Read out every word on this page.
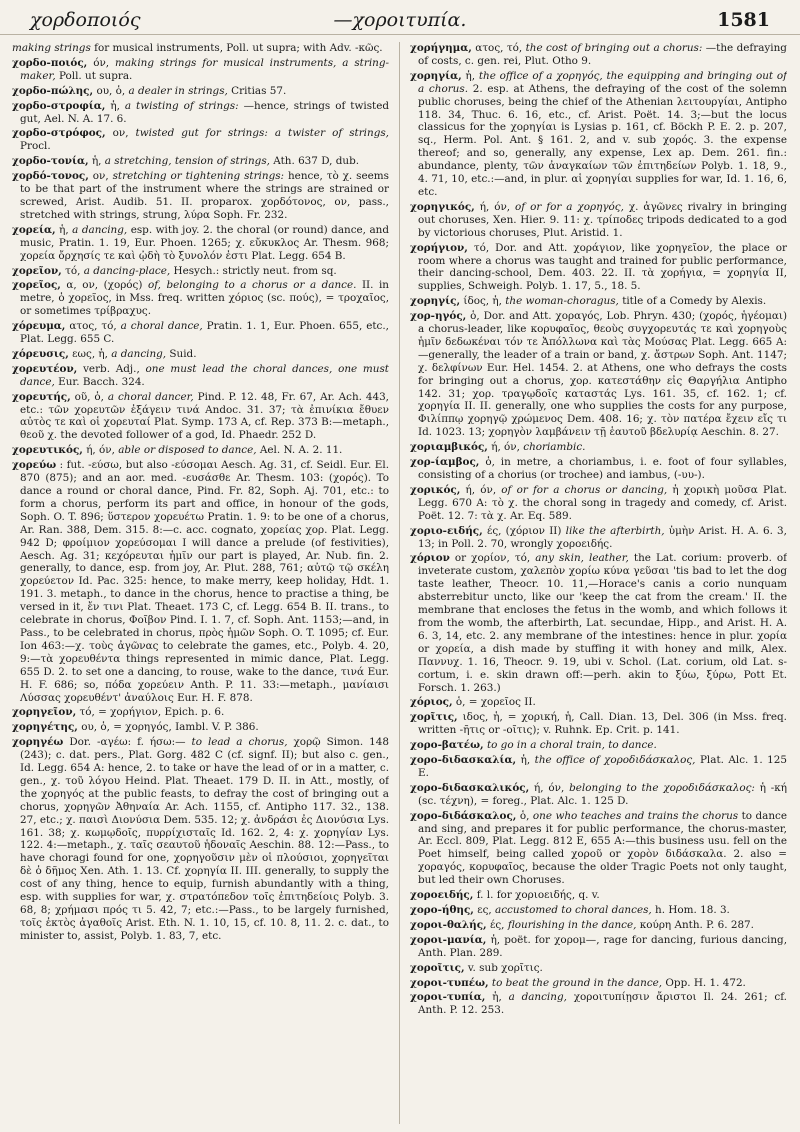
χορδοποιός	—χοροιτυπία.	1581

making strings for musical instruments, Poll. ut supra; with Adv. -κῶς.

χορδο-ποιός, όν, making strings for musical instruments, a string-maker, Poll. ut supra.

χορδο-πώλης, ου, ὁ, a dealer in strings, Critias 57.

χορδο-στροφία, ἡ, a twisting of strings: —hence, strings of twisted gut, Ael. N. A. 17. 6.

χορδο-στρόφος, ον, twisted gut for strings: a twister of strings, Procl.

χορδο-τονία, ἡ, a stretching, tension of strings, Ath. 637 D, dub.

χορδό-τονος, ον, stretching or tightening strings: hence, τὸ χ. seems to be that part of the instrument where the strings are strained or screwed, Arist. Audib. 51. II. proparox. χορδότονος, ον, pass., stretched with strings, strung, λύρα Soph. Fr. 232.

χορεία, ἡ, a dancing, esp. with joy. 2. the choral (or round) dance, and music, Pratin. 1. 19, Eur. Phoen. 1265; χ. εὔκυκλος Ar. Thesm. 968; χορεία ὄρχησίς τε καὶ ᾠδὴ τὸ ξυνολόν ἐστι Plat. Legg. 654 B.

χορεῖον, τό, a dancing-place, Hesych.: strictly neut. from sq.

χορεῖος, α, ον, (χορός) of, belonging to a chorus or a dance. II. in metre, ὁ χορεῖος, in Mss. freq. written χόριος (sc. πούς), = τροχαῖος, or sometimes τρίβραχυς.

χόρευμα, ατος, τό, a choral dance, Pratin. 1. 1, Eur. Phoen. 655, etc., Plat. Legg. 655 C.

χόρευσις, εως, ἡ, a dancing, Suid.

χορευτέον, verb. Adj., one must lead the choral dances, one must dance, Eur. Bacch. 324.

χορευτής, οῦ, ὁ, a choral dancer, Pind. P. 12. 48, Fr. 67, Ar. Ach. 443, etc.: τῶν χορευτῶν ἐξάγειν τινά Andoc. 31. 37; τὰ ἐπινίκια ἔθυεν αὐτὸς τε καὶ οἱ χορευταί Plat. Symp. 173 A, cf. Rep. 373 B:—metaph., θεοῦ χ. the devoted follower of a god, Id. Phaedr. 252 D.

χορευτικός, ή, όν, able or disposed to dance, Ael. N. A. 2. 11.

χορεύω : fut. -εύσω, but also -εύσομαι Aesch. Ag. 31, cf. Seidl. Eur. El. 870 (875); and an aor. med. -ευσάσθε Ar. Thesm. 103: (χορός). To dance a round or choral dance, Pind. Fr. 82, Soph. Aj. 701, etc.: to form a chorus, perform its part and office, in honour of the gods, Soph. O. T. 896; ὕστερον χορευέτω Pratin. 1. 9: to be one of a chorus, Ar. Ran. 388, Dem. 315. 8:—c. acc. cognato, χορείας χορ. Plat. Legg. 942 D; φροίμιον χορεύσομαι I will dance a prelude (of festivities), Aesch. Ag. 31; κεχόρευται ἡμῖν our part is played, Ar. Nub. fin. 2. generally, to dance, esp. from joy, Ar. Plut. 288, 761; αὐτῷ τῷ σκέλη χορεύετον Id. Pac. 325: hence, to make merry, keep holiday, Hdt. 1. 191. 3. metaph., to dance in the chorus, hence to practise a thing, be versed in it, ἔν τινι Plat. Theaet. 173 C, cf. Legg. 654 B. II. trans., to celebrate in chorus, Φοῖβον Pind. I. 1. 7, cf. Soph. Ant. 1153;—and, in Pass., to be celebrated in chorus, πρὸς ἡμῶν Soph. O. T. 1095; cf. Eur. Ion 463:—χ. τοὺς ἀγῶνας to celebrate the games, etc., Polyb. 4. 20, 9:—τὰ χορευθέντα things represented in mimic dance, Plat. Legg. 655 D. 2. to set one a dancing, to rouse, wake to the dance, τινά Eur. H. F. 686; so, πόδα χορεύειν Anth. P. 11. 33:—metaph., μανίαισι Λύσσας χορευθέντ' ἀναύλοις Eur. H. F. 878.

χορηγεῖον, τό, = χορήγιον, Epich. p. 6.

χορηγέτης, ου, ὁ, = χορηγός, Iambl. V. P. 386.

χορηγέω Dor. -αγέω: f. ήσω:— to lead a chorus, χορῷ Simon. 148 (243); c. dat. pers., Plat. Gorg. 482 C (cf. signf. II); but also c. gen., Id. Legg. 654 A: hence, 2. to take or have the lead of or in a matter, c. gen., χ. τοῦ λόγου Heind. Plat. Theaet. 179 D. II. in Att., mostly, of the χορηγός at the public feasts, to defray the cost of bringing out a chorus, χορηγῶν Ἀθηναία Ar. Ach. 1155, cf. Antipho 117. 32., 138. 27, etc.; χ. παισὶ Διονύσια Dem. 535. 12; χ. ἀνδράσι ἐς Διονύσια Lys. 161. 38; χ. κωμῳδοῖς, πυρρίχισταῖς Id. 162. 2, 4: χ. χορηγίαν Lys. 122. 4:—metaph., χ. ταῖς σεαυτοῦ ἡδοναῖς Aeschin. 88. 12:—Pass., to have choragi found for one, χορηγοῦσιν μὲν οἱ πλούσιοι, χορηγεῖται δὲ ὁ δῆμος Xen. Ath. 1. 13. Cf. χορηγία II. III. generally, to supply the cost of any thing, hence to equip, furnish abundantly with a thing, esp. with supplies for war, χ. στρατόπεδον τοῖς ἐπιτηδείοις Polyb. 3. 68, 8; χρήμασι πρός τι 5. 42, 7; etc.:—Pass., to be largely furnished, τοῖς ἐκτὸς ἀγαθοῖς Arist. Eth. N. 1. 10, 15, cf. 10. 8, 11. 2. c. dat., to minister to, assist, Polyb. 1. 83, 7, etc.

χορήγημα, ατος, τό, the cost of bringing out a chorus: —the defraying of costs, c. gen. rei, Plut. Otho 9.

χορηγία, ἡ, the office of a χορηγός, the equipping and bringing out of a chorus. 2. esp. at Athens, the defraying of the cost of the solemn public choruses, being the chief of the Athenian λειτουργίαι, Antipho 118. 34, Thuc. 6. 16, etc., cf. Arist. Poët. 14. 3;—but the locus classicus for the χορηγίαι is Lysias p. 161, cf. Böckh P. E. 2. p. 207, sq., Herm. Pol. Ant. § 161. 2, and v. sub χορός. 3. the expense thereof; and so, generally, any expense, Lex ap. Dem. 261. fin.: abundance, plenty, τῶν ἀναγκαίων τῶν ἐπιτηδείων Polyb. 1. 18, 9., 4. 71, 10, etc.:—and, in plur. αἱ χορηγίαι supplies for war, Id. 1. 16, 6, etc.

χορηγικός, ή, όν, of or for a χορηγός, χ. ἀγῶνες rivalry in bringing out choruses, Xen. Hier. 9. 11: χ. τρίποδες tripods dedicated to a god by victorious choruses, Plut. Aristid. 1.

χορήγιον, τό, Dor. and Att. χοράγιον, like χορηγεῖον, the place or room where a chorus was taught and trained for public performance, their dancing-school, Dem. 403. 22. II. τὰ χορήγια, = χορηγία II, supplies, Schweigh. Polyb. 1. 17, 5., 18. 5.

χορηγίς, ίδος, ἡ, the woman-choragus, title of a Comedy by Alexis.

χορ-ηγός, ὁ, Dor. and Att. χοραγός, Lob. Phryn. 430; (χορός, ἡγέομαι) a chorus-leader, like κορυφαῖος, θεοὺς συγχορευτάς τε καὶ χορηγοὺς ἡμῖν δεδωκέναι τόν τε Ἀπόλλωνα καὶ τὰς Μούσας Plat. Legg. 665 A:—generally, the leader of a train or band, χ. ἄστρων Soph. Ant. 1147; χ. δελφίνων Eur. Hel. 1454. 2. at Athens, one who defrays the costs for bringing out a chorus, χορ. κατεστάθην εἰς Θαργήλια Antipho 142. 31; χορ. τραγῳδοῖς καταστάς Lys. 161. 35, cf. 162. 1; cf. χορηγία II. II. generally, one who supplies the costs for any purpose, Φιλίππῳ χορηγῷ χρώμενος Dem. 408. 16; χ. τὸν πατέρα ἔχειν εἴς τι Id. 1023. 13; χορηγὸν λαμβάνειν τῇ ἑαυτοῦ βδελυρίᾳ Aeschin. 8. 27.

χοριαμβικός, ή, όν, choriambic.

χορ-ίαμβος, ὁ, in metre, a choriambus, i. e. foot of four syllables, consisting of a chorius (or trochee) and iambus, (-υυ-).

χορικός, ή, όν, of or for a chorus or dancing, ἡ χορικὴ μοῦσα Plat. Legg. 670 A: τὸ χ. the choral song in tragedy and comedy, cf. Arist. Poët. 12. 7: τὰ χ. Ar. Eq. 589.

χοριο-ειδής, ές, (χόριον II) like the afterbirth, ὑμὴν Arist. H. A. 6. 3, 13; in Poll. 2. 70, wrongly χοροειδής.

χόριον or χορίον, τό, any skin, leather, the Lat. corium: proverb. of inveterate custom, χαλεπὸν χορίω κύνα γεῦσαι 'tis bad to let the dog taste leather, Theocr. 10. 11,—Horace's canis a corio nunquam absterrebitur uncto, like our 'keep the cat from the cream.' II. the membrane that encloses the fetus in the womb, and which follows it from the womb, the afterbirth, Lat. secundae, Hipp., and Arist. H. A. 6. 3, 14, etc. 2. any membrane of the intestines: hence in plur. χορία or χορεία, a dish made by stuffing it with honey and milk, Alex. Παννυχ. 1. 16, Theocr. 9. 19, ubi v. Schol. (Lat. corium, old Lat. s-cortum, i. e. skin drawn off:—perh. akin to ξύω, ξύρω, Pott Et. Forsch. 1. 263.)

χόριος, ὁ, = χορεῖος II.

χορῖτις, ιδος, ἡ, = χορική, ἡ, Call. Dian. 13, Del. 306 (in Mss. freq. written -ῆτις or -οῖτις); v. Ruhnk. Ep. Crit. p. 141.

χορο-βατέω, to go in a choral train, to dance.

χορο-διδασκαλία, ἡ, the office of χοροδιδάσκαλος, Plat. Alc. 1. 125 E.

χορο-διδασκαλικός, ή, όν, belonging to the χοροδιδάσκαλος: ἡ -κή (sc. τέχνη), = foreg., Plat. Alc. 1. 125 D.

χορο-διδάσκαλος, ὁ, one who teaches and trains the chorus to dance and sing, and prepares it for public performance, the chorus-master, Ar. Eccl. 809, Plat. Legg. 812 E, 655 A:—this business usu. fell on the Poet himself, being called χοροῦ or χορὸν διδάσκαλα. 2. also = χοραγός, κορυφαῖος, because the older Tragic Poets not only taught, but led their own Choruses.

χοροειδής, f. l. for χοριοειδής, q. v.

χορο-ήθης, ες, accustomed to choral dances, h. Hom. 18. 3.

χοροι-θαλής, ές, flourishing in the dance, κούρη Anth. P. 6. 287.

χοροι-μανία, ἡ, poët. for χορομ—, rage for dancing, furious dancing, Anth. Plan. 289.

χοροῖτις, v. sub χορῖτις.

χοροι-τυπέω, to beat the ground in the dance, Opp. H. 1. 472.

χοροι-τυπία, ἡ, a dancing, χοροιτυπίῃσιν ἄριστοι Il. 24. 261; cf. Anth. P. 12. 253.
